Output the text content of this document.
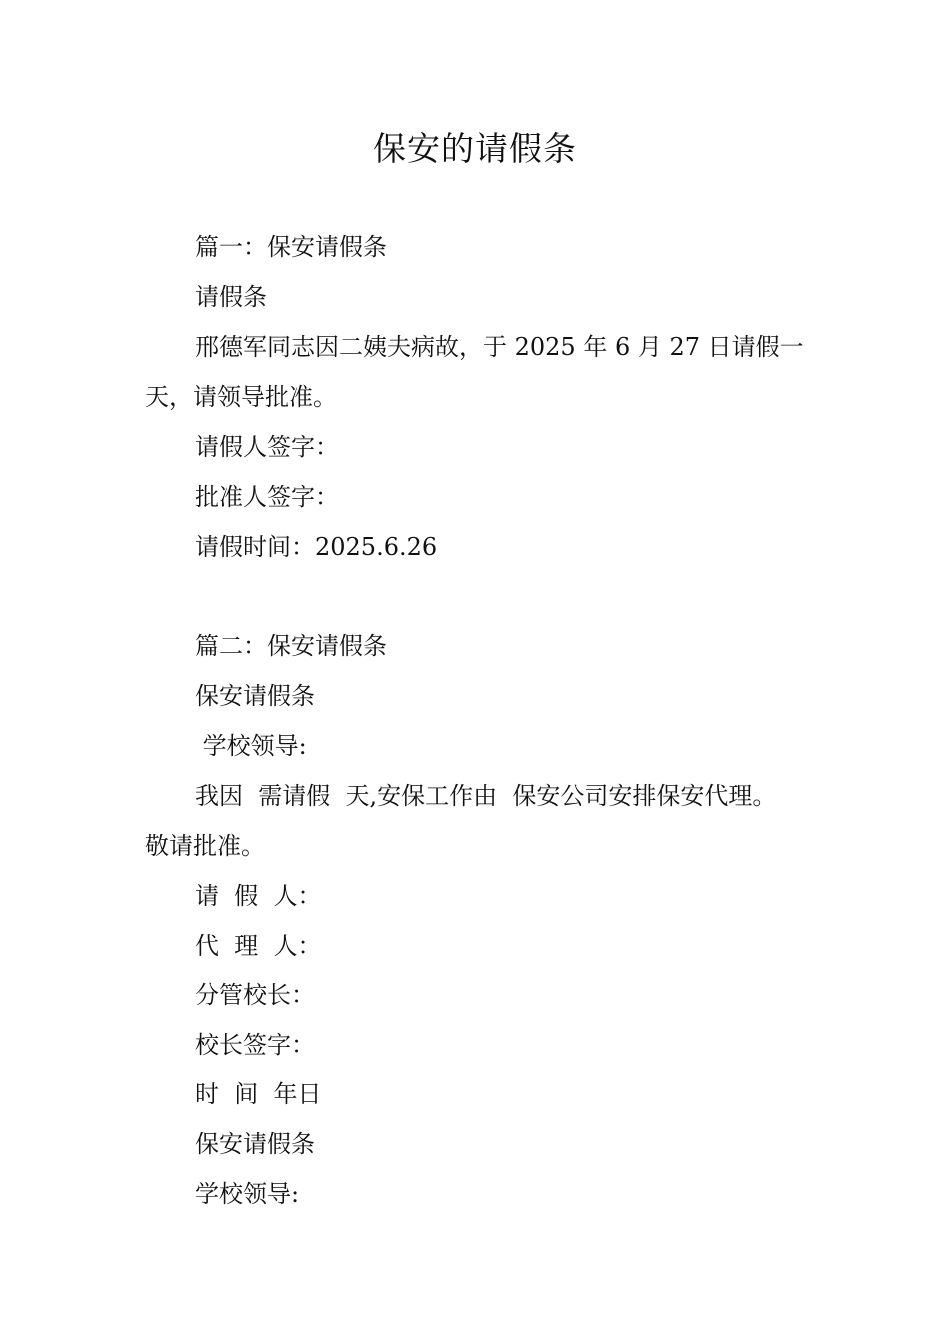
保安的请假条

篇一：保安请假条

请假条

邢德军同志因二姨夫病故，于 2025 年 6 月 27 日请假一

天，请领导批准。

请假人签字：

批准人签字：

请假时间：2025.6.26

篇二：保安请假条

保安请假条

学校领导:

我因  需请假  天,安保工作由  保安公司安排保安代理。

敬请批准。

请  假  人：

代  理  人：

分管校长：

校长签字：

时  间  年日

保安请假条

学校领导:
